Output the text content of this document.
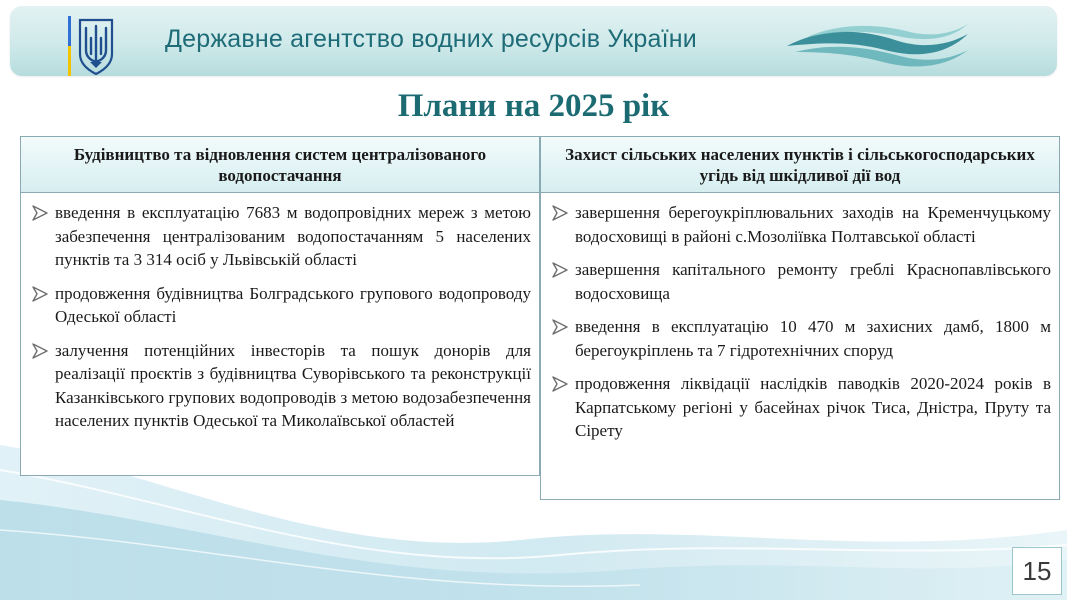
Державне агентство водних ресурсів України
Плани на 2025 рік
Будівництво та відновлення систем централізованого водопостачання
введення в експлуатацію 7683 м водопровідних мереж з метою забезпечення централізованим водопостачанням 5 населених пунктів та 3 314 осіб у Львівській області
продовження будівництва Болградського групового водопроводу Одеської області
залучення потенційних інвесторів та пошук донорів для реалізації проєктів з будівництва Суворівського та реконструкції Казанківського групових водопроводів з метою водозабезпечення населених пунктів Одеської та Миколаївської областей
Захист сільських населених пунктів і сільськогосподарських угідь від шкідливої дії вод
завершення берегоукріплювальних заходів на Кременчуцькому водосховищі в районі с.Мозоліївка Полтавської області
завершення капітального ремонту греблі Краснопавлівського водосховища
введення в експлуатацію 10 470 м захисних дамб, 1800 м берегоукріплень та 7 гідротехнічних споруд
продовження ліквідації наслідків паводків 2020-2024 років в Карпатському регіоні у басейнах річок Тиса, Дністра, Пруту та Сірету
15
